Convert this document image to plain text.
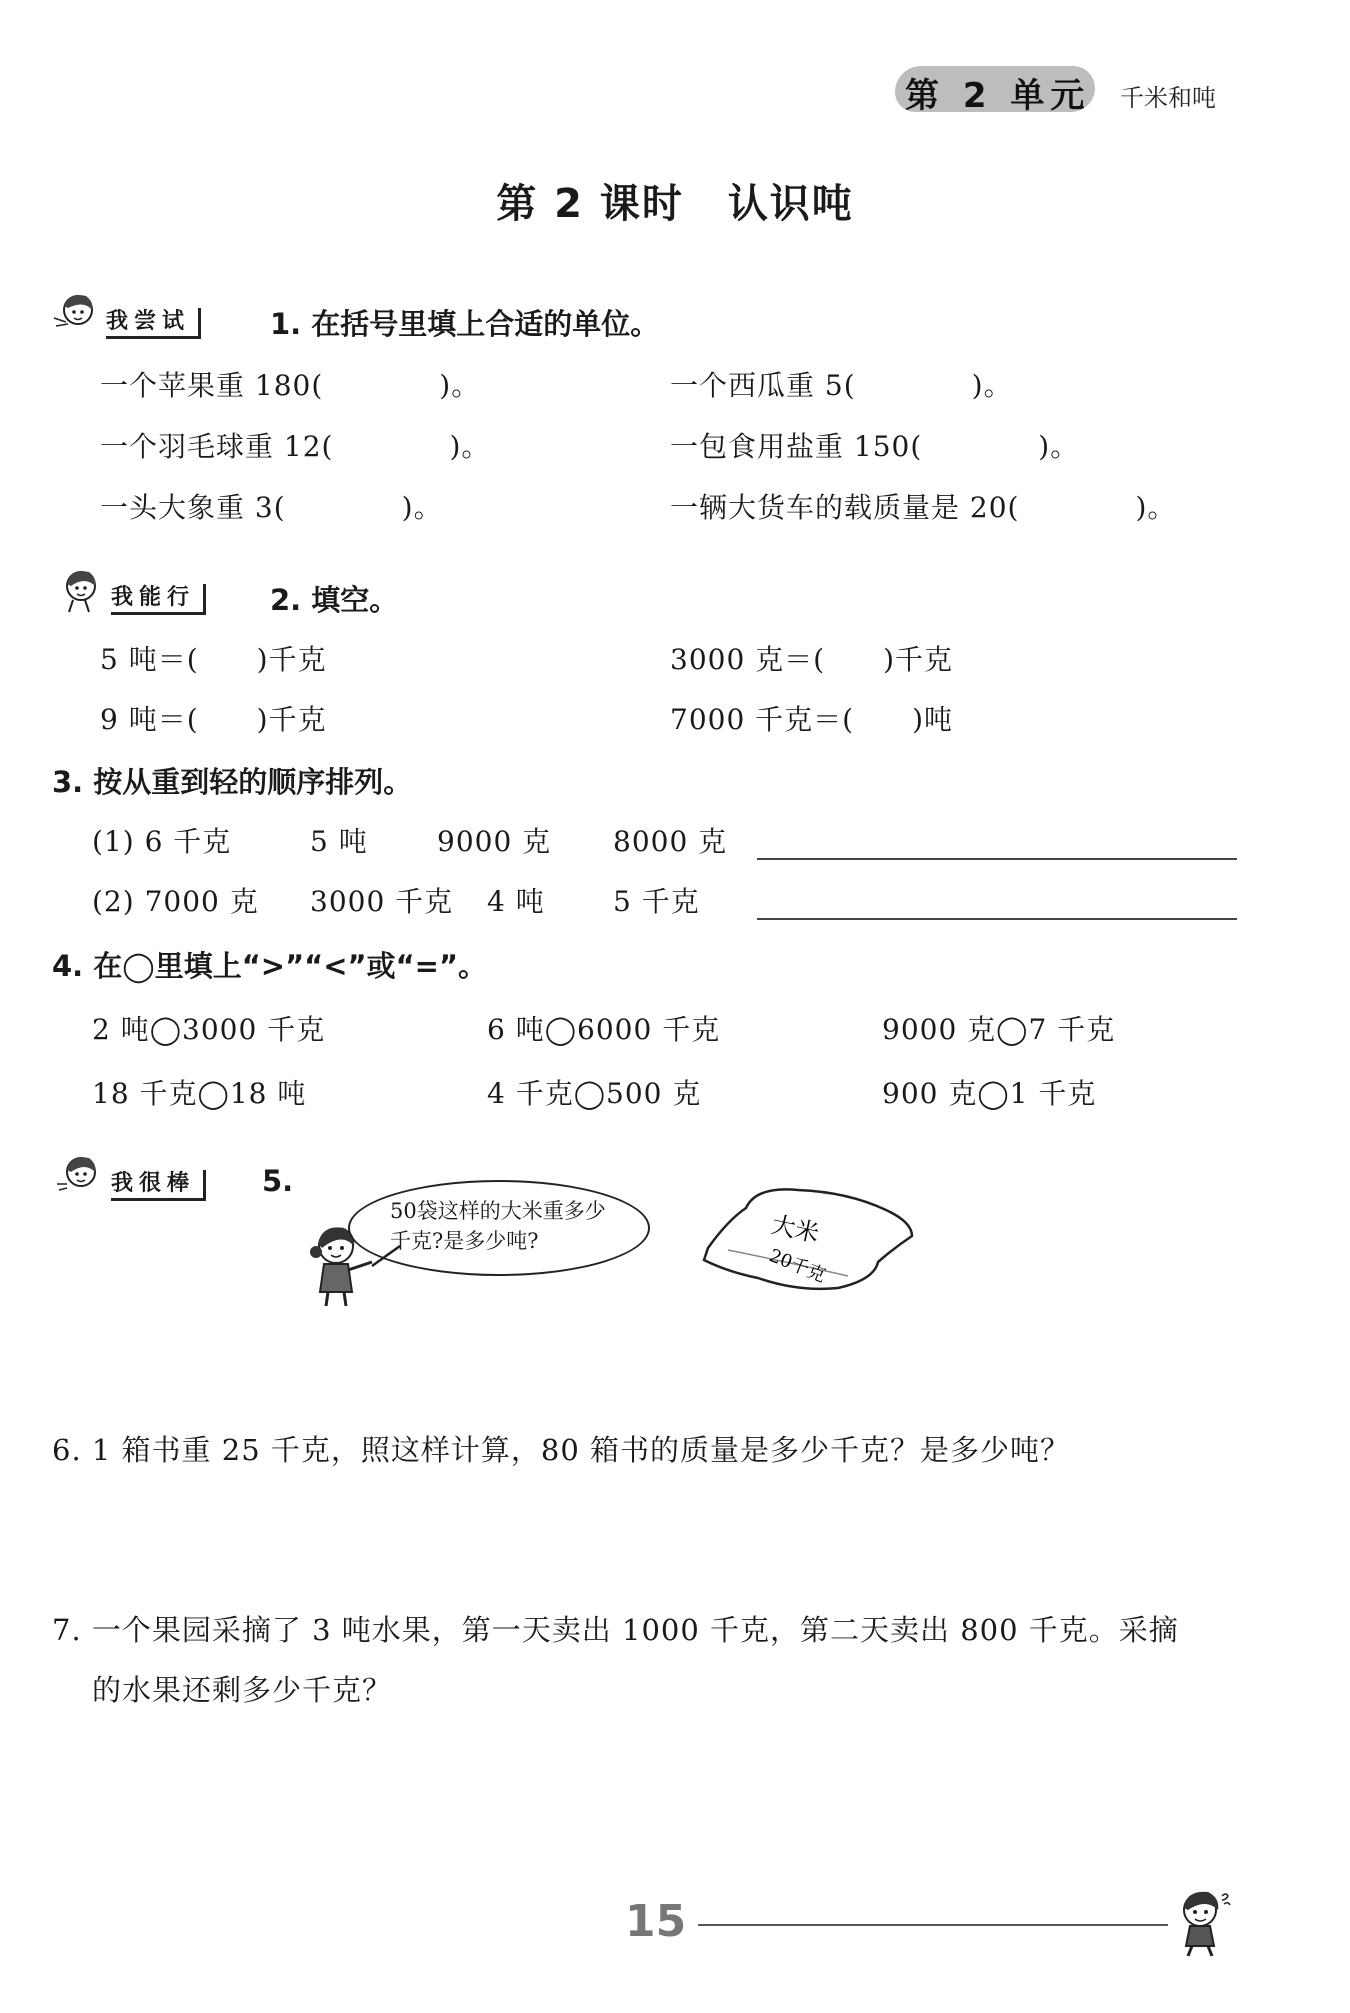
第 2 单元 千米和吨
第 2 课时 认识吨
我尝试	1. 在括号里填上合适的单位。
一个苹果重 180(　　　　)。	一个西瓜重 5(　　　　)。
一个羽毛球重 12(　　　　)。	一包食用盐重 150(　　　　)。
一头大象重 3(　　　　)。	一辆大货车的载质量是 20(　　　　)。
我能行	2. 填空。
5 吨＝(　　)千克	3000 克＝(　　)千克
9 吨＝(　　)千克	7000 千克＝(　　)吨
3. 按从重到轻的顺序排列。
(1) 6 千克	5 吨 9000 克 8000 克
(2) 7000 克 3000 千克 4 吨 5 千克
4. 在◯里填上“>”“<”或“=”。
2 吨◯3000 千克	6 吨◯6000 千克	9000 克◯7 千克
18 千克◯18 吨	4 千克◯500 克	900 克◯1 千克
我很棒	5.
50袋这样的大米重多少千克?是多少吨?	大米
20千克
6. 1 箱书重 25 千克，照这样计算，80 箱书的质量是多少千克？是多少吨？
7. 一个果园采摘了 3 吨水果，第一天卖出 1000 千克，第二天卖出 800 千克。采摘
的水果还剩多少千克？
15
